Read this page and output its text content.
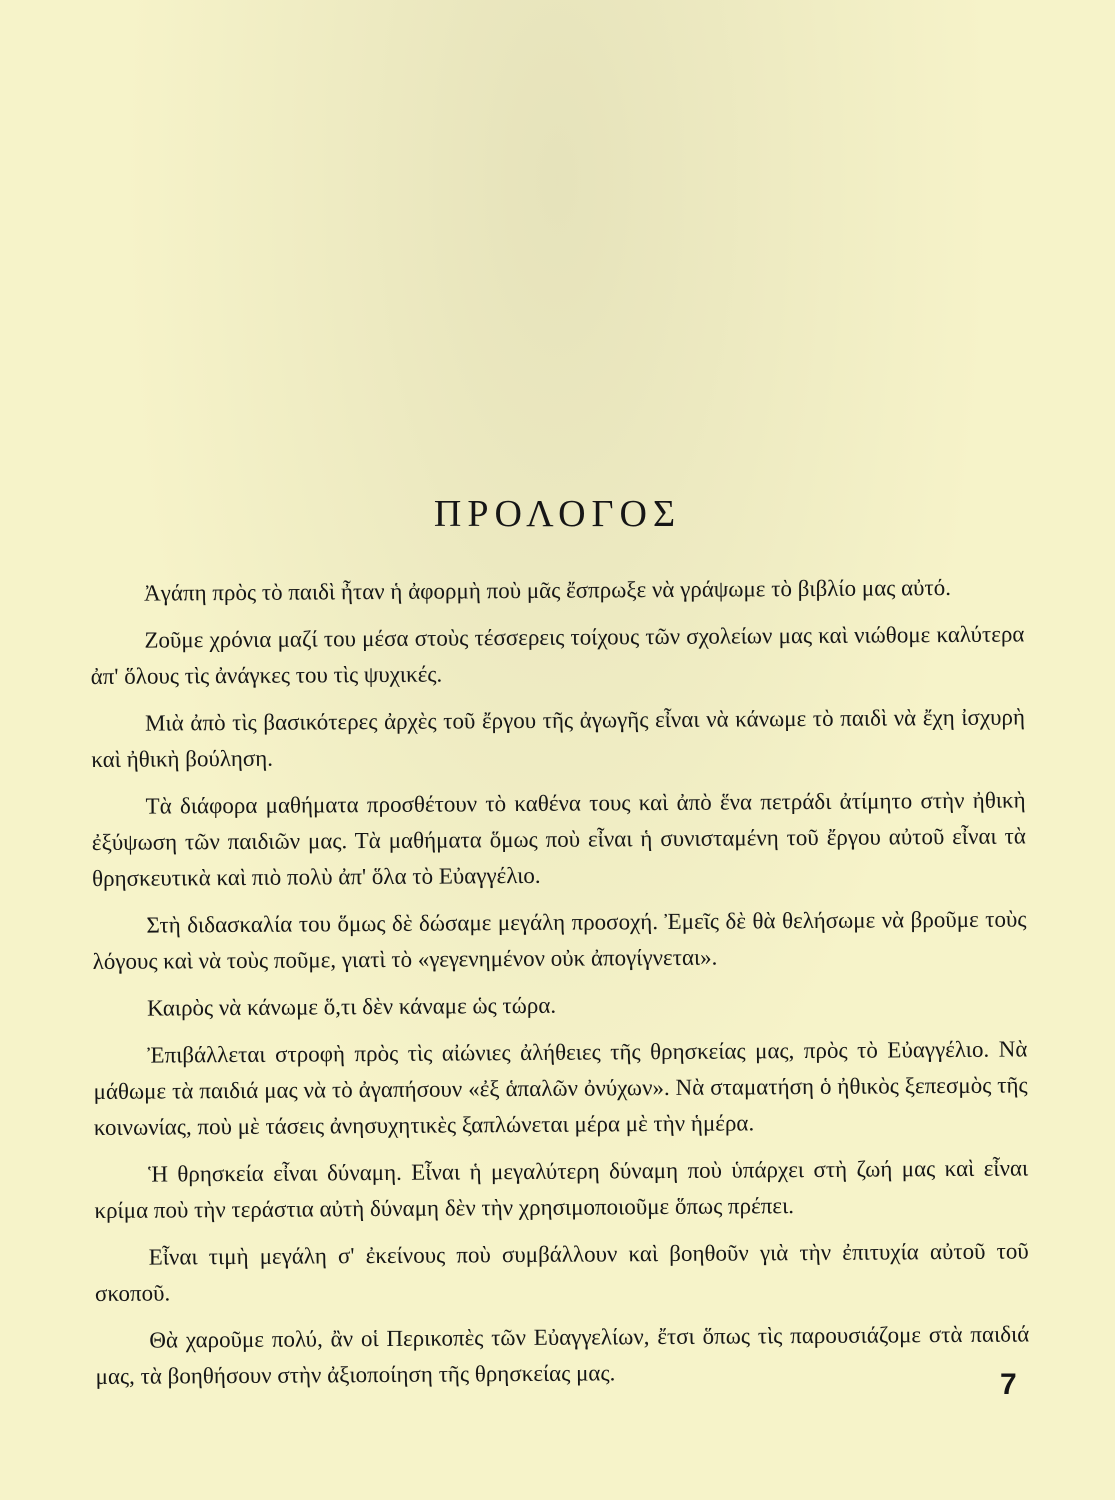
ΠΡΟΛΟΓΟΣ

Ἀγάπη πρὸς τὸ παιδὶ ἦταν ἡ ἀφορμὴ ποὺ μᾶς ἔσπρωξε νὰ γράψωμε τὸ βιβλίο μας αὐτό.

Ζοῦμε χρόνια μαζί του μέσα στοὺς τέσσερεις τοίχους τῶν σχολείων μας καὶ νιώθομε καλύτερα ἀπ' ὅλους τὶς ἀνάγκες του τὶς ψυχικές.

Μιὰ ἀπὸ τὶς βασικότερες ἀρχὲς τοῦ ἔργου τῆς ἀγωγῆς εἶναι νὰ κάνωμε τὸ παιδὶ νὰ ἔχη ἰσχυρὴ καὶ ἠθικὴ βούληση.

Τὰ διάφορα μαθήματα προσθέτουν τὸ καθένα τους καὶ ἀπὸ ἕνα πετράδι ἀτίμητο στὴν ἠθικὴ ἐξύψωση τῶν παιδιῶν μας. Τὰ μαθήματα ὅμως ποὺ εἶναι ἡ συνισταμένη τοῦ ἔργου αὐτοῦ εἶναι τὰ θρησκευτικὰ καὶ πιὸ πολὺ ἀπ' ὅλα τὸ Εὐαγγέλιο.

Στὴ διδασκαλία του ὅμως δὲ δώσαμε μεγάλη προσοχή. Ἐμεῖς δὲ θὰ θελήσωμε νὰ βροῦμε τοὺς λόγους καὶ νὰ τοὺς ποῦμε, γιατὶ τὸ «γεγενημένον οὐκ ἀπογίγνεται».

Καιρὸς νὰ κάνωμε ὅ,τι δὲν κάναμε ὡς τώρα.

Ἐπιβάλλεται στροφὴ πρὸς τὶς αἰώνιες ἀλήθειες τῆς θρησκείας μας, πρὸς τὸ Εὐαγγέλιο. Νὰ μάθωμε τὰ παιδιά μας νὰ τὸ ἀγαπήσουν «ἐξ ἁπαλῶν ὀνύχων». Νὰ σταματήση ὁ ἠθικὸς ξεπεσμὸς τῆς κοινωνίας, ποὺ μὲ τάσεις ἀνησυχητικὲς ξαπλώνεται μέρα μὲ τὴν ἡμέρα.

Ἡ θρησκεία εἶναι δύναμη. Εἶναι ἡ μεγαλύτερη δύναμη ποὺ ὑπάρχει στὴ ζωή μας καὶ εἶναι κρίμα ποὺ τὴν τεράστια αὐτὴ δύναμη δὲν τὴν χρησιμοποιοῦμε ὅπως πρέπει.

Εἶναι τιμὴ μεγάλη σ' ἐκείνους ποὺ συμβάλλουν καὶ βοηθοῦν γιὰ τὴν ἐπιτυχία αὐτοῦ τοῦ σκοποῦ.

Θὰ χαροῦμε πολύ, ἂν οἱ Περικοπὲς τῶν Εὐαγγελίων, ἔτσι ὅπως τὶς παρουσιάζομε στὰ παιδιά μας, τὰ βοηθήσουν στὴν ἀξιοποίηση τῆς θρησκείας μας.	7
